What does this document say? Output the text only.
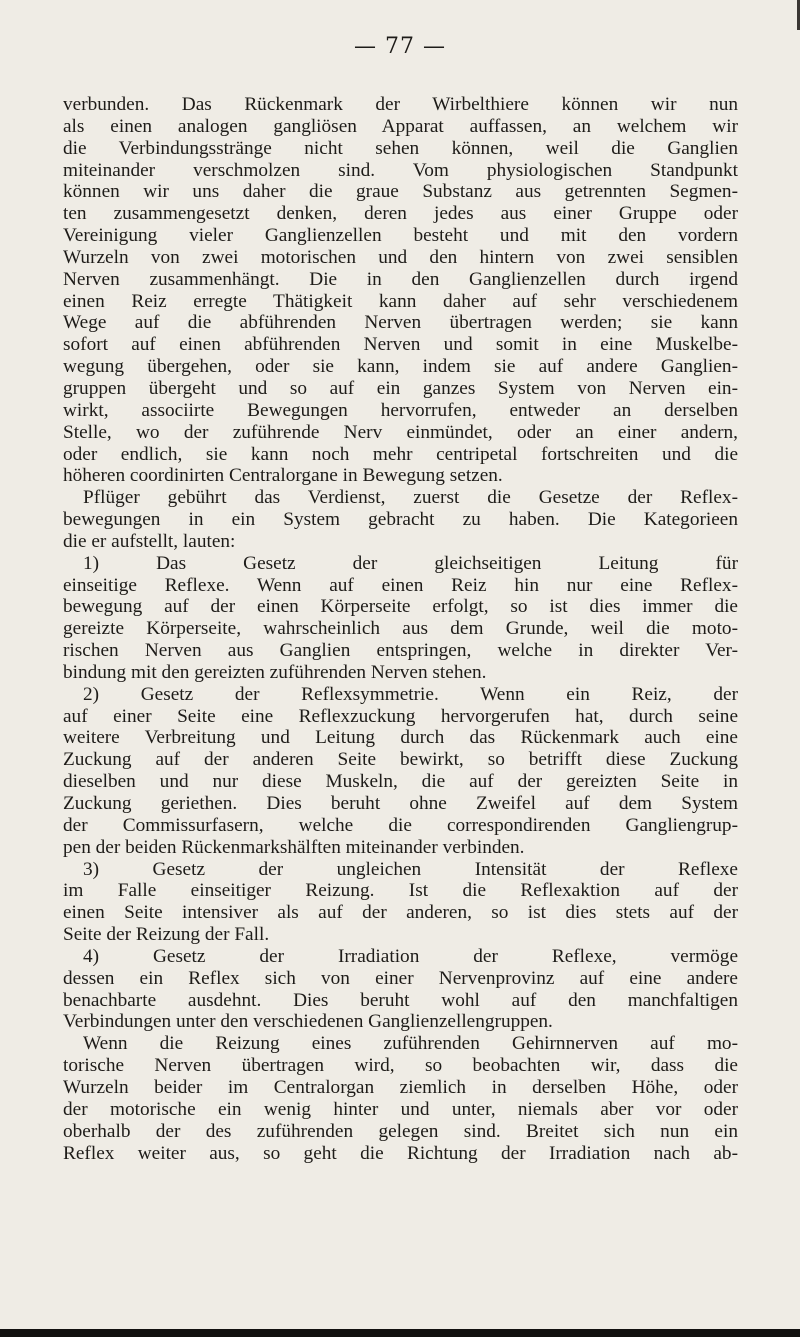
— 77 —
verbunden. Das Rückenmark der Wirbelthiere können wir nun
als einen analogen gangliösen Apparat auffassen, an welchem wir
die Verbindungsstränge nicht sehen können, weil die Ganglien
miteinander verschmolzen sind. Vom physiologischen Standpunkt
können wir uns daher die graue Substanz aus getrennten Segmen-
ten zusammengesetzt denken, deren jedes aus einer Gruppe oder
Vereinigung vieler Ganglienzellen besteht und mit den vordern
Wurzeln von zwei motorischen und den hintern von zwei sensiblen
Nerven zusammenhängt. Die in den Ganglienzellen durch irgend
einen Reiz erregte Thätigkeit kann daher auf sehr verschiedenem
Wege auf die abführenden Nerven übertragen werden; sie kann
sofort auf einen abführenden Nerven und somit in eine Muskelbe-
wegung übergehen, oder sie kann, indem sie auf andere Ganglien-
gruppen übergeht und so auf ein ganzes System von Nerven ein-
wirkt, associirte Bewegungen hervorrufen, entweder an derselben
Stelle, wo der zuführende Nerv einmündet, oder an einer andern,
oder endlich, sie kann noch mehr centripetal fortschreiten und die
höheren coordinirten Centralorgane in Bewegung setzen.
Pflüger gebührt das Verdienst, zuerst die Gesetze der Reflex-
bewegungen in ein System gebracht zu haben. Die Kategorieen
die er aufstellt, lauten:
1) Das Gesetz der gleichseitigen Leitung für
einseitige Reflexe. Wenn auf einen Reiz hin nur eine Reflex-
bewegung auf der einen Körperseite erfolgt, so ist dies immer die
gereizte Körperseite, wahrscheinlich aus dem Grunde, weil die moto-
rischen Nerven aus Ganglien entspringen, welche in direkter Ver-
bindung mit den gereizten zuführenden Nerven stehen.
2) Gesetz der Reflexsymmetrie. Wenn ein Reiz, der
auf einer Seite eine Reflexzuckung hervorgerufen hat, durch seine
weitere Verbreitung und Leitung durch das Rückenmark auch eine
Zuckung auf der anderen Seite bewirkt, so betrifft diese Zuckung
dieselben und nur diese Muskeln, die auf der gereizten Seite in
Zuckung geriethen. Dies beruht ohne Zweifel auf dem System
der Commissurfasern, welche die correspondirenden Gangliengrup-
pen der beiden Rückenmarkshälften miteinander verbinden.
3) Gesetz der ungleichen Intensität der Reflexe
im Falle einseitiger Reizung. Ist die Reflexaktion auf der
einen Seite intensiver als auf der anderen, so ist dies stets auf der
Seite der Reizung der Fall.
4) Gesetz der Irradiation der Reflexe, vermöge
dessen ein Reflex sich von einer Nervenprovinz auf eine andere
benachbarte ausdehnt. Dies beruht wohl auf den manchfaltigen
Verbindungen unter den verschiedenen Ganglienzellengruppen.
Wenn die Reizung eines zuführenden Gehirnnerven auf mo-
torische Nerven übertragen wird, so beobachten wir, dass die
Wurzeln beider im Centralorgan ziemlich in derselben Höhe, oder
der motorische ein wenig hinter und unter, niemals aber vor oder
oberhalb der des zuführenden gelegen sind. Breitet sich nun ein
Reflex weiter aus, so geht die Richtung der Irradiation nach ab-
